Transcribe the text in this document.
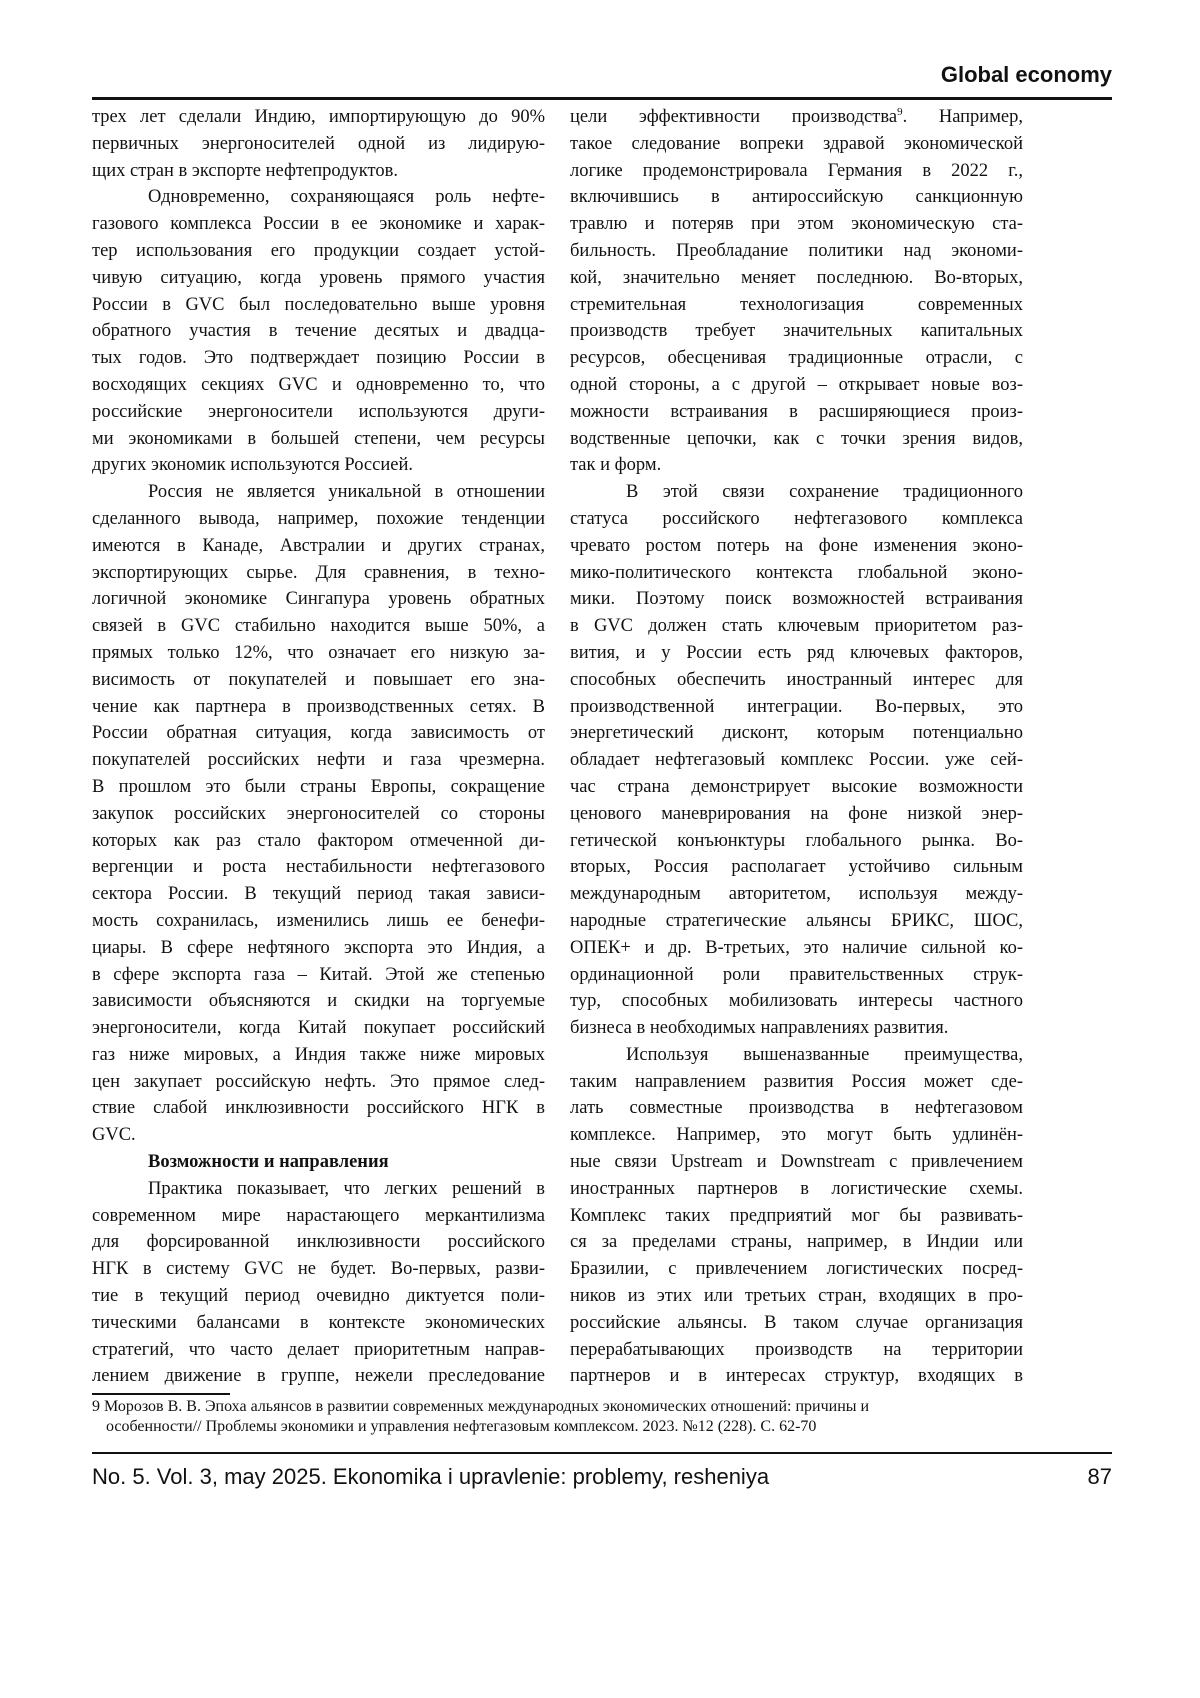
Global economy
трех лет сделали Индию, импортирующую до 90%
первичных энергоносителей одной из лидирую-
щих стран в экспорте нефтепродуктов.
Одновременно, сохраняющаяся роль нефте-
газового комплекса России в ее экономике и харак-
тер использования его продукции создает устой-
чивую ситуацию, когда уровень прямого участия
России в GVC был последовательно выше уровня
обратного участия в течение десятых и двадца-
тых годов. Это подтверждает позицию России в
восходящих секциях GVC и одновременно то, что
российские энергоносители используются други-
ми экономиками в большей степени, чем ресурсы
других экономик используются Россией.
Россия не является уникальной в отношении
сделанного вывода, например, похожие тенденции
имеются в Канаде, Австралии и других странах,
экспортирующих сырье. Для сравнения, в техно-
логичной экономике Сингапура уровень обратных
связей в GVC стабильно находится выше 50%, а
прямых только 12%, что означает его низкую за-
висимость от покупателей и повышает его зна-
чение как партнера в производственных сетях. В
России обратная ситуация, когда зависимость от
покупателей российских нефти и газа чрезмерна.
В прошлом это были страны Европы, сокращение
закупок российских энергоносителей со стороны
которых как раз стало фактором отмеченной ди-
вергенции и роста нестабильности нефтегазового
сектора России. В текущий период такая зависи-
мость сохранилась, изменились лишь ее бенефи-
циары. В сфере нефтяного экспорта это Индия, а
в сфере экспорта газа – Китай. Этой же степенью
зависимости объясняются и скидки на торгуемые
энергоносители, когда Китай покупает российский
газ ниже мировых, а Индия также ниже мировых
цен закупает российскую нефть. Это прямое след-
ствие слабой инклюзивности российского НГК в
GVC.
Возможности и направления
Практика показывает, что легких решений в
современном мире нарастающего меркантилизма
для форсированной инклюзивности российского
НГК в систему GVC не будет. Во-первых, разви-
тие в текущий период очевидно диктуется поли-
тическими балансами в контексте экономических
стратегий, что часто делает приоритетным направ-
лением движение в группе, нежели преследование
цели эффективности производства9. Например,
такое следование вопреки здравой экономической
логике продемонстрировала Германия в 2022 г.,
включившись в антироссийскую санкционную
травлю и потеряв при этом экономическую ста-
бильность. Преобладание политики над экономи-
кой, значительно меняет последнюю. Во-вторых,
стремительная технологизация современных
производств требует значительных капитальных
ресурсов, обесценивая традиционные отрасли, с
одной стороны, а с другой – открывает новые воз-
можности встраивания в расширяющиеся произ-
водственные цепочки, как с точки зрения видов,
так и форм.
В этой связи сохранение традиционного
статуса российского нефтегазового комплекса
чревато ростом потерь на фоне изменения эконо-
мико-политического контекста глобальной эконо-
мики. Поэтому поиск возможностей встраивания
в GVC должен стать ключевым приоритетом раз-
вития, и у России есть ряд ключевых факторов,
способных обеспечить иностранный интерес для
производственной интеграции. Во-первых, это
энергетический дисконт, которым потенциально
обладает нефтегазовый комплекс России. уже сей-
час страна демонстрирует высокие возможности
ценового маневрирования на фоне низкой энер-
гетической конъюнктуры глобального рынка. Во-
вторых, Россия располагает устойчиво сильным
международным авторитетом, используя между-
народные стратегические альянсы БРИКС, ШОС,
ОПЕК+ и др. В-третьих, это наличие сильной ко-
ординационной роли правительственных струк-
тур, способных мобилизовать интересы частного
бизнеса в необходимых направлениях развития.
Используя вышеназванные преимущества,
таким направлением развития Россия может сде-
лать совместные производства в нефтегазовом
комплексе. Например, это могут быть удлинён-
ные связи Upstream и Downstream с привлечением
иностранных партнеров в логистические схемы.
Комплекс таких предприятий мог бы развивать-
ся за пределами страны, например, в Индии или
Бразилии, с привлечением логистических посред-
ников из этих или третьих стран, входящих в про-
российские альянсы. В таком случае организация
перерабатывающих производств на территории
партнеров и в интересах структур, входящих в
9 Морозов В. В. Эпоха альянсов в развитии современных международных экономических отношений: причины и
особенности// Проблемы экономики и управления нефтегазовым комплексом. 2023. №12 (228). С. 62-70
No. 5. Vol. 3, may 2025. Ekonomika i upravlenie: problemy, resheniya	87
